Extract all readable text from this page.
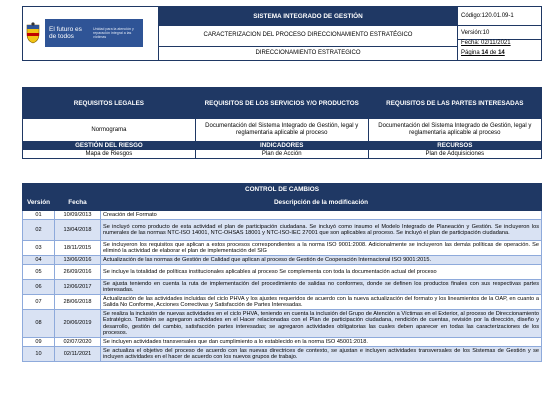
El futuro es de todos
Unidad para la atención y reparación integral a las víctimas	SISTEMA INTEGRADO DE GESTIÓN	Código:120.01.09-1
	CARACTERIZACION DEL PROCESO DIRECCIONAMIENTO ESTRATÉGICO	Versión:10
		Fecha: 02/11/2021
	DIRECCIONAMIENTO ESTRATEGICO	Página 14 de 14
REQUISITOS LEGALES	REQUISITOS DE LOS SERVICIOS Y/O PRODUCTOS	REQUISITOS DE LAS PARTES INTERESADAS
Normograma	Documentación del Sistema Integrado de Gestión, legal y reglamentaria aplicable al proceso	Documentación del Sistema Integrado de Gestión, legal y reglamentaria aplicable al proceso
GESTIÓN DEL RIESGO	INDICADORES	RECURSOS
Mapa de Riesgos	Plan de Acción	Plan de Adquisiciones
CONTROL DE CAMBIOS		
Versión	Fecha	Descripción de la modificación
01	10/09/2013	Creación del Formato
02	13/04/2018	Se incluyó como producto de esta actividad el plan de participación ciudadana. Se incluyó como insumo el Modelo Integrado de Planeación y Gestión. Se incluyeron los numerales de las normas NTC-ISO 14001, NTC-OHSAS 18001 y NTC-ISO-IEC 27001 que son aplicables al proceso. Se incluyó el plan de participación ciudadana.
03	18/11/2015	Se incluyeron los requisitos que aplican a estos procesos correspondientes a la norma ISO 9001:2008. Adicionalmente se incluyeron las demás políticas de operación. Se eliminó la actividad de elaborar el plan de implementación del SIG
04	13/06/2016	Actualización de las normas de Gestión de Calidad que aplican al proceso de Gestión de Cooperación Internacional ISO 9001:2015.
05	26/09/2016	Se incluye la totalidad de políticas institucionales aplicables al proceso Se complementa con toda la documentación actual del proceso
06	12/06/2017	Se ajusta teniendo en cuenta la ruta de implementación del procedimiento de salidas no conformes, donde se definen los productos finales con sus respectivas partes interesadas.
07	28/06/2018	Actualización de las actividades incluidas del ciclo PHVA y los ajustes requeridos de acuerdo con la nueva actualización del formato y los lineamientos de la OAP, en cuanto a Salida No Conforme, Acciones Correctivas y Satisfacción de Partes Interesadas.
08	20/06/2019	Se realiza la inclusión de nuevas actividades en el ciclo PHVA, teniendo en cuenta la inclusión del Grupo de Atención a Víctimas en el Exterior, al proceso de Direccionamiento Estratégico. También se agregaron actividades en el Hacer relacionadas con el Plan de participación ciudadana, rendición de cuentas, revisión por la dirección, diseño y desarrollo, gestión del cambio, satisfacción partes interesadas; se agregaron actividades obligatorias las cuales deben aparecer en todas las caracterizaciones de los procesos.
09	02/07/2020	Se incluyen actividades transversales que dan cumplimiento a lo establecido en la norma ISO 45001:2018.
10	02/11/2021	Se actualiza el objetivo del proceso de acuerdo con las nuevas directrices de contexto, se ajustan e incluyen actividades transversales de los Sistemas de Gestión y se incluyen actividades en el hacer de acuerdo con los nuevos grupos de trabajo.
